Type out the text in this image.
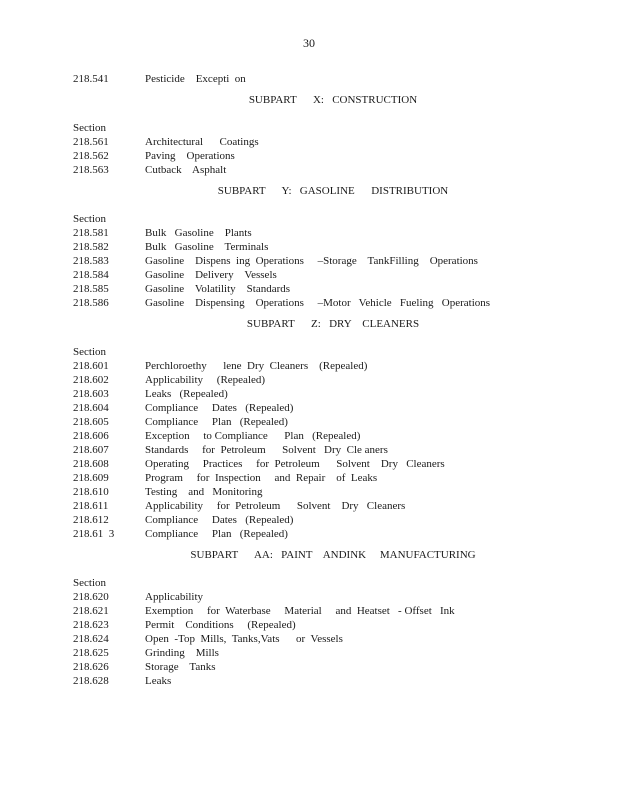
30

218.541

	Pesticide    Excepti  on

SUBPART      X:   CONSTRUCTION
Section

218.561

	Architectural      Coatings

218.562

	Paving    Operations

218.563

	Cutback    Asphalt

SUBPART      Y:   GASOLINE      DISTRIBUTION
Section

218.581

	Bulk   Gasoline    Plants

218.582

	Bulk   Gasoline    Terminals

218.583

	Gasoline    Dispens  ing  Operations     –Storage    TankFilling    Operations

218.584

	Gasoline    Delivery    Vessels

218.585

	Gasoline    Volatility    Standards

218.586

	Gasoline    Dispensing    Operations     –Motor   Vehicle   Fueling   Operations

SUBPART      Z:   DRY    CLEANERS
Section

218.601

	Perchloroethy      lene  Dry  Cleaners    (Repealed)

218.602

	Applicability     (Repealed)

218.603

	Leaks   (Repealed)

218.604

	Compliance     Dates   (Repealed)

218.605

	Compliance     Plan   (Repealed)

218.606

	Exception     to Compliance      Plan   (Repealed)

218.607

	Standards     for  Petroleum      Solvent   Dry  Cle aners

218.608

	Operating     Practices     for  Petroleum      Solvent    Dry   Cleaners

218.609

	Program     for  Inspection     and  Repair    of  Leaks

218.610

	Testing    and   Monitoring

218.611

	Applicability     for  Petroleum      Solvent    Dry   Cleaners

218.612

	Compliance     Dates   (Repealed)

218.61  3

	Compliance     Plan   (Repealed)

SUBPART      AA:   PAINT    ANDINK     MANUFACTURING
Section

218.620

	Applicability

218.621

	Exemption     for  Waterbase     Material     and  Heatset   - Offset   Ink

218.623

	Permit    Conditions     (Repealed)

218.624

	Open  -Top  Mills,  Tanks,Vats      or  Vessels

218.625

	Grinding    Mills

218.626

	Storage    Tanks

218.628

	Leaks
